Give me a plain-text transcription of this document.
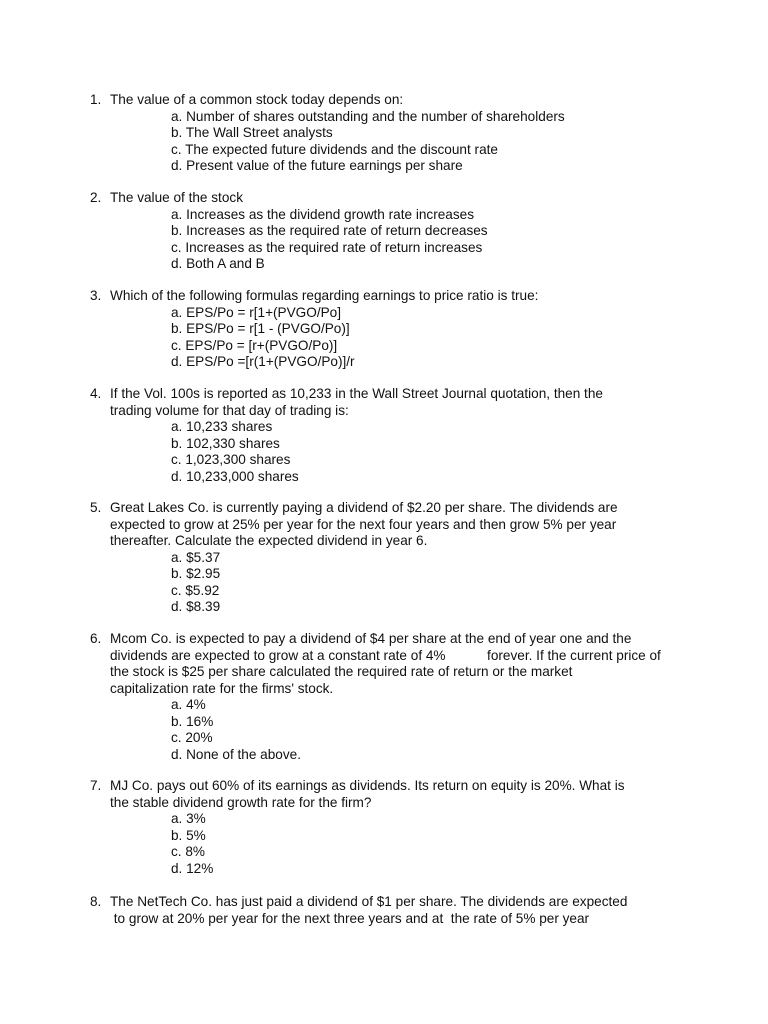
1. The value of a common stock today depends on:
a. Number of shares outstanding and the number of shareholders
b. The Wall Street analysts
c. The expected future dividends and the discount rate
d. Present value of the future earnings per share
2. The value of the stock
a. Increases as the dividend growth rate increases
b. Increases as the required rate of return decreases
c. Increases as the required rate of return increases
d. Both A and B
3. Which of the following formulas regarding earnings to price ratio is true:
a. EPS/Po = r[1+(PVGO/Po]
b. EPS/Po = r[1 - (PVGO/Po)]
c. EPS/Po = [r+(PVGO/Po)]
d. EPS/Po =[r(1+(PVGO/Po)]/r
4. If the Vol. 100s is reported as 10,233 in the Wall Street Journal quotation, then the
trading volume for that day of trading is:
a. 10,233 shares
b. 102,330 shares
c. 1,023,300 shares
d. 10,233,000 shares
5. Great Lakes Co. is currently paying a dividend of $2.20 per share. The dividends are
expected to grow at 25% per year for the next four years and then grow 5% per year
thereafter. Calculate the expected dividend in year 6.
a. $5.37
b. $2.95
c. $5.92
d. $8.39
6. Mcom Co. is expected to pay a dividend of $4 per share at the end of year one and the
dividends are expected to grow at a constant rate of 4%           forever. If the current price of
the stock is $25 per share calculated the required rate of return or the market
capitalization rate for the firms' stock.
a. 4%
b. 16%
c. 20%
d. None of the above.
7. MJ Co. pays out 60% of its earnings as dividends. Its return on equity is 20%. What is
the stable dividend growth rate for the firm?
a. 3%
b. 5%
c. 8%
d. 12%
8. The NetTech Co. has just paid a dividend of $1 per share. The dividends are expected
to grow at 20% per year for the next three years and at  the rate of 5% per year
